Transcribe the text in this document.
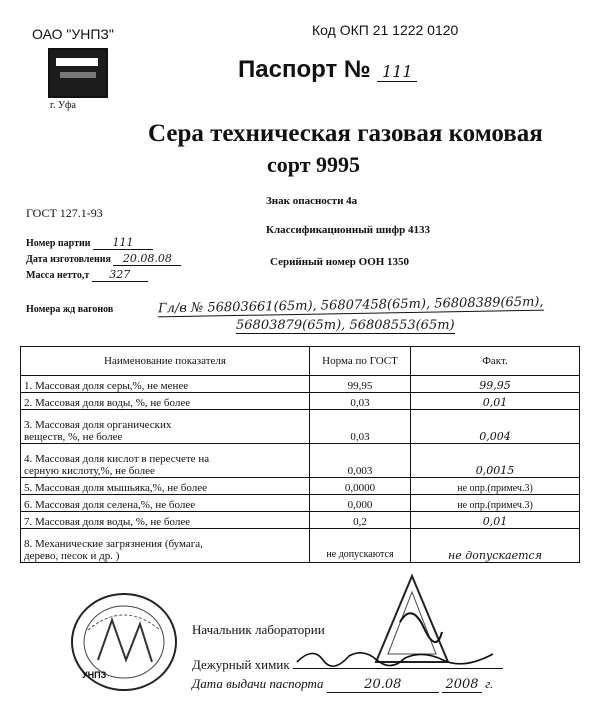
ОАО "УНПЗ"
г. Уфа
Код ОКП 21 1222 0120
Паспорт № 111
Сера техническая газовая комовая
сорт 9995
Знак опасности 4а
Классификационный шифр 4133
Серийный номер ООН 1350
ГОСТ 127.1-93
Номер партии 111
Дата изготовления 20.08.08
Масса нетто,т 327
Номера жд вагонов	Гл/в № 56803661(65т), 56807458(65т), 56808389(65т),
56803879(65т), 56808553(65т)
Наименование показателя	Норма по ГОСТ	Факт.
1. Массовая доля серы,%, не менее	99,95	99,95
2. Массовая доля воды, %, не более	0,03	0,01

3. Массовая доля органических
веществ, %, не более	0,03	0,004

4. Массовая доля кислот в пересчете на
серную кислоту,%, не более	0,003	0,0015
5. Массовая доля мышьяка,%, не более	0,0000	не опр.(примеч.3)
6. Массовая доля селена,%, не более	0,000	не опр.(примеч.3)
7. Массовая доля воды, %, не более	0,2	0,01

8. Механические загрязнения (бумага,
дерево, песок и др. )	не допускаются	не допускается
УНПЗ
Начальник лаборатории
Дежурный химик
Дата выдачи паспорта	20.08	2008 г.
